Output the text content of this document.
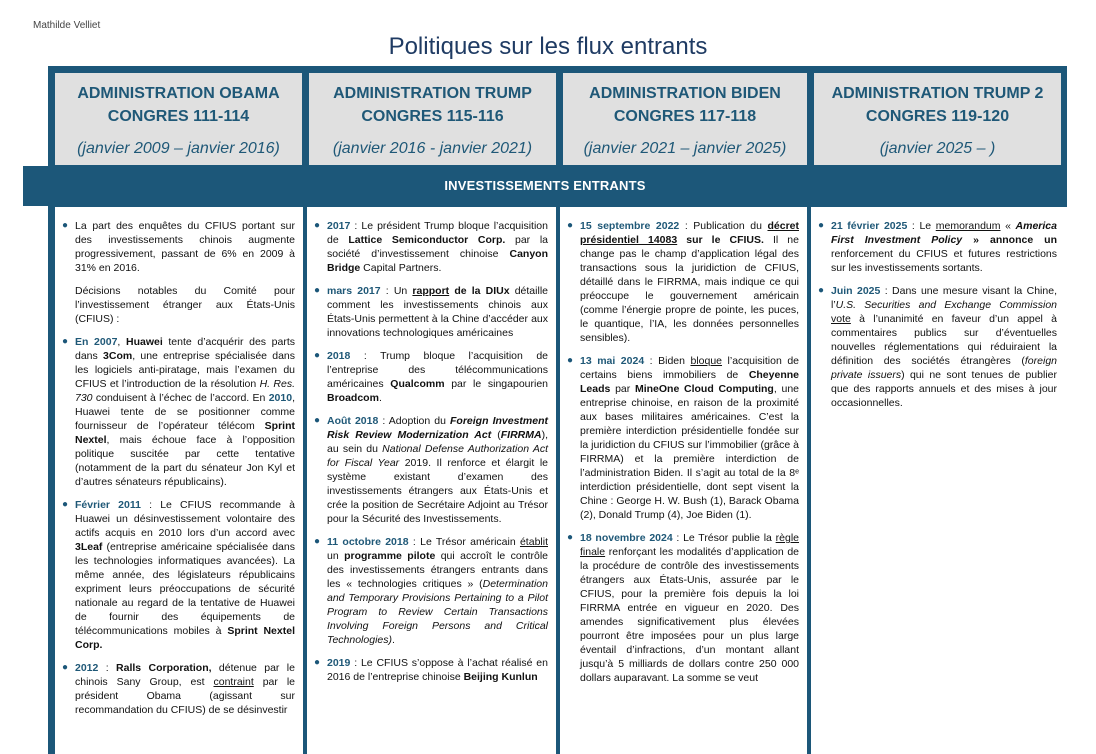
Mathilde Velliet
Politiques sur les flux entrants
INVESTISSEMENTS ENTRANTS
ADMINISTRATION OBAMA
CONGRES 111-114
(janvier 2009 – janvier 2016)
ADMINISTRATION TRUMP
CONGRES 115-116
(janvier 2016 - janvier 2021)
ADMINISTRATION BIDEN
CONGRES 117-118
(janvier 2021 – janvier 2025)
ADMINISTRATION TRUMP 2
CONGRES 119-120
(janvier 2025 – )
● La part des enquêtes du CFIUS portant sur des investissements chinois augmente progressivement, passant de 6% en 2009 à 31% en 2016.
Décisions notables du Comité pour l’investissement étranger aux États-Unis (CFIUS) :
● En 2007, Huawei tente d’acquérir des parts dans 3Com, une entreprise spécialisée dans les logiciels anti-piratage, mais l’examen du CFIUS et l’introduction de la résolution H. Res. 730 conduisent à l’échec de l’accord. En 2010, Huawei tente de se positionner comme fournisseur de l’opérateur télécom Sprint Nextel, mais échoue face à l’opposition politique suscitée par cette tentative (notamment de la part du sénateur Jon Kyl et d’autres sénateurs républicains).
● Février 2011 : Le CFIUS recommande à Huawei un désinvestissement volontaire des actifs acquis en 2010 lors d’un accord avec 3Leaf (entreprise américaine spécialisée dans les technologies informatiques avancées). La même année, des législateurs républicains expriment leurs préoccupations de sécurité nationale au regard de la tentative de Huawei de fournir des équipements de télécommunications mobiles à Sprint Nextel Corp.
● 2012 : Ralls Corporation, détenue par le chinois Sany Group, est contraint par le président Obama (agissant sur recommandation du CFIUS) de se désinvestir
● 2017 : Le président Trump bloque l’acquisition de Lattice Semiconductor Corp. par la société d’investissement chinoise Canyon Bridge Capital Partners.
● mars 2017 : Un rapport de la DIUx détaille comment les investissements chinois aux États-Unis permettent à la Chine d’accéder aux innovations technologiques américaines
● 2018 : Trump bloque l’acquisition de l’entreprise des télécommunications américaines Qualcomm par le singapourien Broadcom.
● Août 2018 : Adoption du Foreign Investment Risk Review Modernization Act (FIRRMA), au sein du National Defense Authorization Act for Fiscal Year 2019. Il renforce et élargit le système existant d’examen des investissements étrangers aux États-Unis et crée la position de Secrétaire Adjoint au Trésor pour la Sécurité des Investissements.
● 11 octobre 2018 : Le Trésor américain établit un programme pilote qui accroît le contrôle des investissements étrangers entrants dans les « technologies critiques » (Determination and Temporary Provisions Pertaining to a Pilot Program to Review Certain Transactions Involving Foreign Persons and Critical Technologies).
● 2019 : Le CFIUS s’oppose à l’achat réalisé en 2016 de l’entreprise chinoise Beijing Kunlun
● 15 septembre 2022 : Publication du décret présidentiel 14083 sur le CFIUS. Il ne change pas le champ d’application légal des transactions sous la juridiction de CFIUS, détaillé dans le FIRRMA, mais indique ce qui préoccupe le gouvernement américain (comme l’énergie propre de pointe, les puces, le quantique, l’IA, les données personnelles sensibles).
● 13 mai 2024 : Biden bloque l’acquisition de certains biens immobiliers de Cheyenne Leads par MineOne Cloud Computing, une entreprise chinoise, en raison de la proximité aux bases militaires américaines. C’est la première interdiction présidentielle fondée sur la juridiction du CFIUS sur l’immobilier (grâce à FIRRMA) et la première interdiction de l’administration Biden. Il s’agit au total de la 8ᵉ interdiction présidentielle, dont sept visent la Chine : George H. W. Bush (1), Barack Obama (2), Donald Trump (4), Joe Biden (1).
● 18 novembre 2024 : Le Trésor publie la règle finale renforçant les modalités d’application de la procédure de contrôle des investissements étrangers aux États-Unis, assurée par le CFIUS, pour la première fois depuis la loi FIRRMA entrée en vigueur en 2020. Des amendes significativement plus élevées pourront être imposées pour un plus large éventail d’infractions, d’un montant allant jusqu’à 5 milliards de dollars contre 250 000 dollars auparavant. La somme se veut
● 21 février 2025 : Le memorandum « America First Investment Policy » annonce un renforcement du CFIUS et futures restrictions sur les investissements sortants.
● Juin 2025 : Dans une mesure visant la Chine, l’U.S. Securities and Exchange Commission vote à l’unanimité en faveur d’un appel à commentaires publics sur d’éventuelles nouvelles réglementations qui réduiraient la définition des sociétés étrangères (foreign private issuers) qui ne sont tenues de publier que des rapports annuels et des mises à jour occasionnelles.
